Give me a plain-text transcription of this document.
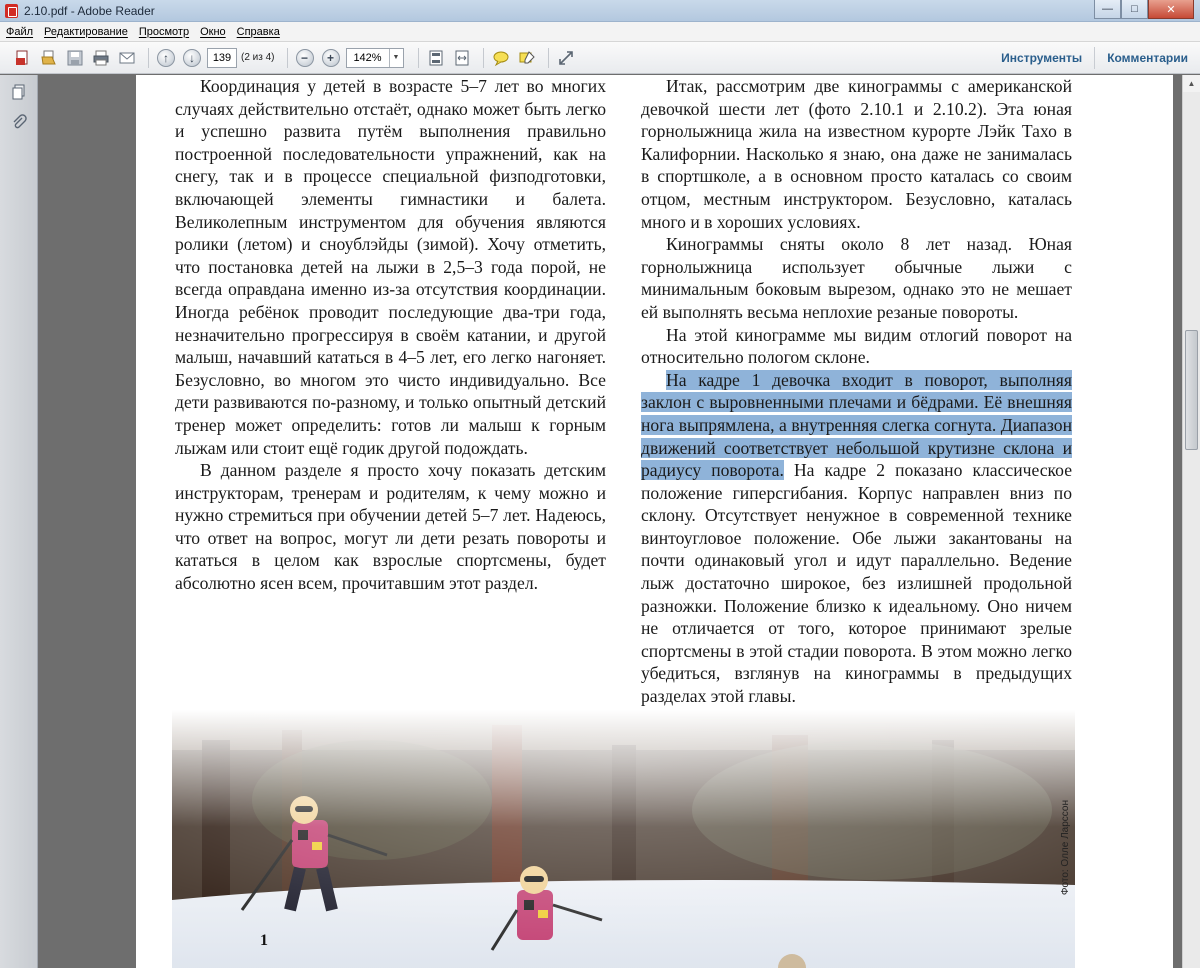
2.10.pdf - Adobe Reader	—	□	✕
Файл Редактирование Просмотр Окно Справка
↑	↓	139 (2 из 4)	−	+	142%	▼	Инструменты	Комментарии

Координация у детей в возрасте 5–7 лет во многих случаях действительно отстаёт, однако может быть легко и успешно развита путём выполнения правильно построенной последовательности упражнений, как на снегу, так и в процессе специальной физподготовки, включающей элементы гимнастики и балета. Великолепным инструментом для обучения являются ролики (летом) и сноублэйды (зимой). Хочу отметить, что постановка детей на лыжи в 2,5–3 года порой, не всегда оправдана именно из-за отсутствия координации. Иногда ребёнок проводит последующие два-три года, незначительно прогрессируя в своём катании, и другой малыш, начавший кататься в 4–5 лет, его легко нагоняет. Безусловно, во многом это чисто индивидуально. Все дети развиваются по-разному, и только опытный детский тренер может определить: готов ли малыш к горным лыжам или стоит ещё годик другой подождать.

В данном разделе я просто хочу показать детским инструкторам, тренерам и родителям, к чему можно и нужно стремиться при обучении детей 5–7 лет. Надеюсь, что ответ на вопрос, могут ли дети резать повороты и кататься в целом как взрослые спортсмены, будет абсолютно ясен всем, прочитавшим этот раздел.

Итак, рассмотрим две кинограммы с американской девочкой шести лет (фото 2.10.1 и 2.10.2). Эта юная горнолыжница жила на известном курорте Лэйк Тахо в Калифорнии. Насколько я знаю, она даже не занималась в спортшколе, а в основном просто каталась со своим отцом, местным инструктором. Безусловно, каталась много и в хороших условиях.

Кинограммы сняты около 8 лет назад. Юная горнолыжница использует обычные лыжи с минимальным боковым вырезом, однако это не мешает ей выполнять весьма неплохие резаные повороты.

На этой кинограмме мы видим отлогий поворот на относительно пологом склоне.

На кадре 1 девочка входит в поворот, выполняя заклон с выровненными плечами и бёдрами. Её внешняя нога выпрямлена, а внутренняя слегка согнута. Диапазон движений соответствует небольшой крутизне склона и радиусу поворота. На кадре 2 показано классическое положение гиперсгибания. Корпус направлен вниз по склону. Отсутствует ненужное в современной технике винтоугловое положение. Обе лыжи закантованы на почти одинаковый угол и идут параллельно. Ведение лыж достаточно широкое, без излишней продольной разножки. Положение близко к идеальному. Оно ничем не отличается от того, которое принимают зрелые спортсмены в этой стадии поворота. В этом можно легко убедиться, взглянув на кинограммы в предыдущих разделах этой главы.

1
Фото: Олле Ларссон
▲
